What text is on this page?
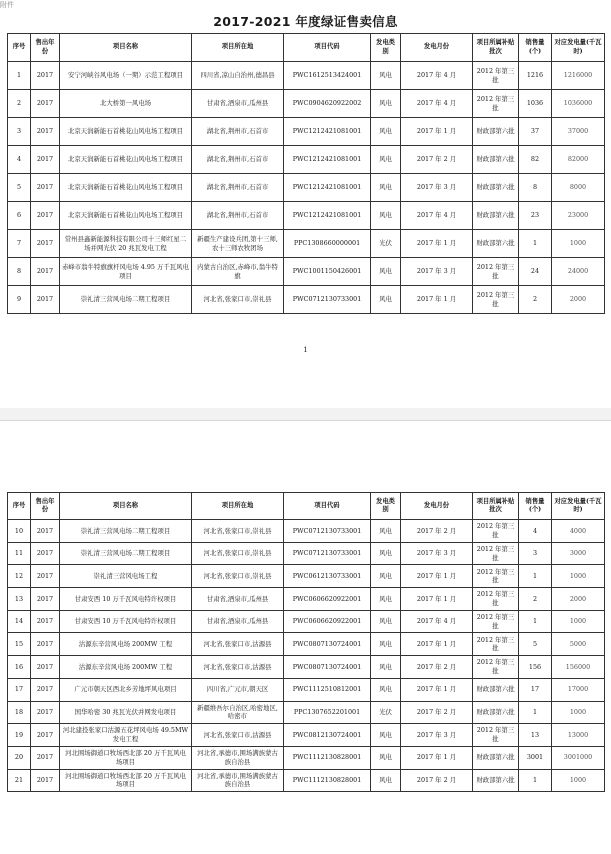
附件
2017-2021 年度绿证售卖信息
序号	售出年份	项目名称	项目所在地	项目代码	发电类别	发电月份	项目所属补贴批次	销售量(个)	对应发电量(千瓦时)
1	2017	安宁河峡谷风电场（一期）示范工程项目	四川省,凉山自治州,德昌县	PWC1612513424001	风电	2017 年 4 月	2012 年第三批	1216	1216000
2	2017	北大桥第一风电场	甘肃省,酒泉市,瓜州县	PWC0904620922002	风电	2017 年 4 月	2012 年第三批	1036	1036000
3	2017	北京天润新能石首桃花山风电场工程项目	湖北省,荆州市,石首市	PWC1212421081001	风电	2017 年 1 月	财政部第六批	37	37000
4	2017	北京天润新能石首桃花山风电场工程项目	湖北省,荆州市,石首市	PWC1212421081001	风电	2017 年 2 月	财政部第六批	82	82000
5	2017	北京天润新能石首桃花山风电场工程项目	湖北省,荆州市,石首市	PWC1212421081001	风电	2017 年 3 月	财政部第六批	8	8000
6	2017	北京天润新能石首桃花山风电场工程项目	湖北省,荆州市,石首市	PWC1212421081001	风电	2017 年 4 月	财政部第六批	23	23000
7	2017	常州县鑫新能源科技有限公司十三师红星二场并网光伏 20 兆瓦发电工程	新疆生产建设兵团,第十三师,农十三师农牧团场	PPC1308660000001	光伏	2017 年 1 月	财政部第六批	1	1000
8	2017	赤峰市翁牛特旗旗杆风电场 4.95 万千瓦风电项目	内蒙古自治区,赤峰市,翁牛特旗	PWC1001150426001	风电	2017 年 3 月	2012 年第三批	24	24000
9	2017	崇礼清三营风电场二期工程项目	河北省,张家口市,崇礼县	PWC0712130733001	风电	2017 年 1 月	2012 年第三批	2	2000
1
序号	售出年份	项目名称	项目所在地	项目代码	发电类别	发电月份	项目所属补贴批次	销售量(个)	对应发电量(千瓦时)
10	2017	崇礼清三营风电场二期工程项目	河北省,张家口市,崇礼县	PWC0712130733001	风电	2017 年 2 月	2012 年第三批	4	4000
11	2017	崇礼清三营风电场二期工程项目	河北省,张家口市,崇礼县	PWC0712130733001	风电	2017 年 3 月	2012 年第三批	3	3000
12	2017	崇礼清三营风电场工程	河北省,张家口市,崇礼县	PWC0612130733001	风电	2017 年 1 月	2012 年第三批	1	1000
13	2017	甘肃安西 10 万千瓦风电特许权项目	甘肃省,酒泉市,瓜州县	PWC0606620922001	风电	2017 年 1 月	2012 年第三批	2	2000
14	2017	甘肃安西 10 万千瓦风电特许权项目	甘肃省,酒泉市,瓜州县	PWC0606620922001	风电	2017 年 4 月	2012 年第三批	1	1000
15	2017	沽源东辛营风电场 200MW 工程	河北省,张家口市,沽源县	PWC0807130724001	风电	2017 年 1 月	2012 年第三批	5	5000
16	2017	沽源东辛营风电场 200MW 工程	河北省,张家口市,沽源县	PWC0807130724001	风电	2017 年 2 月	2012 年第三批	156	156000
17	2017	广元市朝天区西北乡芳地坪风电项目	四川省,广元市,朝天区	PWC1112510812001	风电	2017 年 1 月	财政部第六批	17	17000
18	2017	国华哈密 30 兆瓦光伏并网发电项目	新疆维吾尔自治区,哈密地区,哈密市	PPC1307652201001	光伏	2017 年 2 月	财政部第六批	1	1000
19	2017	河北建投张家口沽源五花坪风电场 49.5MW 发电工程	河北省,张家口市,沽源县	PWC0812130724001	风电	2017 年 3 月	2012 年第三批	13	13000
20	2017	河北围场御道口牧场西北部 20 万千瓦风电场项目	河北省,承德市,围场满族蒙古族自治县	PWC1112130828001	风电	2017 年 1 月	财政部第六批	3001	3001000
21	2017	河北围场御道口牧场西北部 20 万千瓦风电场项目	河北省,承德市,围场满族蒙古族自治县	PWC1112130828001	风电	2017 年 2 月	财政部第六批	1	1000
